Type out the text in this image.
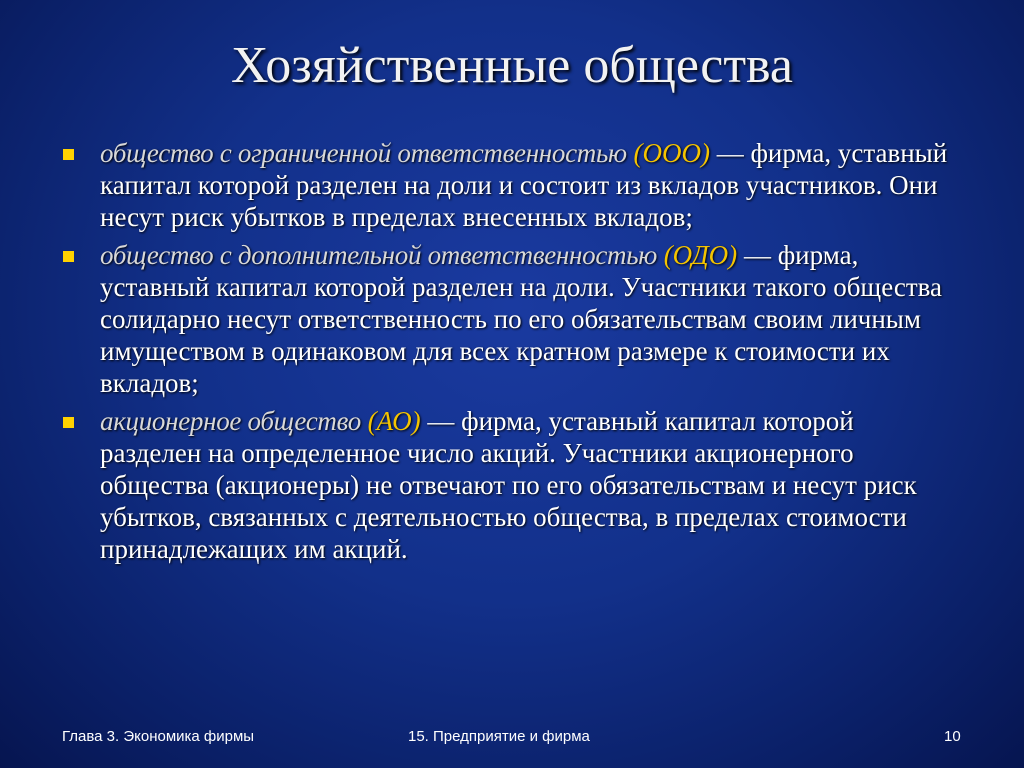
Хозяйственные общества
общество с ограниченной ответственностью (ООО) — фирма, уставный капитал которой разделен на доли и состоит из вкладов участников. Они несут риск убытков в пределах внесенных вкладов;
общество с дополнительной ответственностью (ОДО) — фирма, уставный капитал которой разделен на доли. Участники такого общества солидарно несут ответственность по его обязательствам своим личным имуществом в одинаковом для всех кратном размере к стоимости их вкладов;
акционерное общество (АО) — фирма, уставный капитал которой разделен на определенное число акций. Участники акционерного общества (акционеры) не отвечают по его обязательствам и несут риск убытков, связанных с деятельностью общества, в пределах стоимости принадлежащих им акций.
Глава 3. Экономика фирмы	15. Предприятие и фирма	10
